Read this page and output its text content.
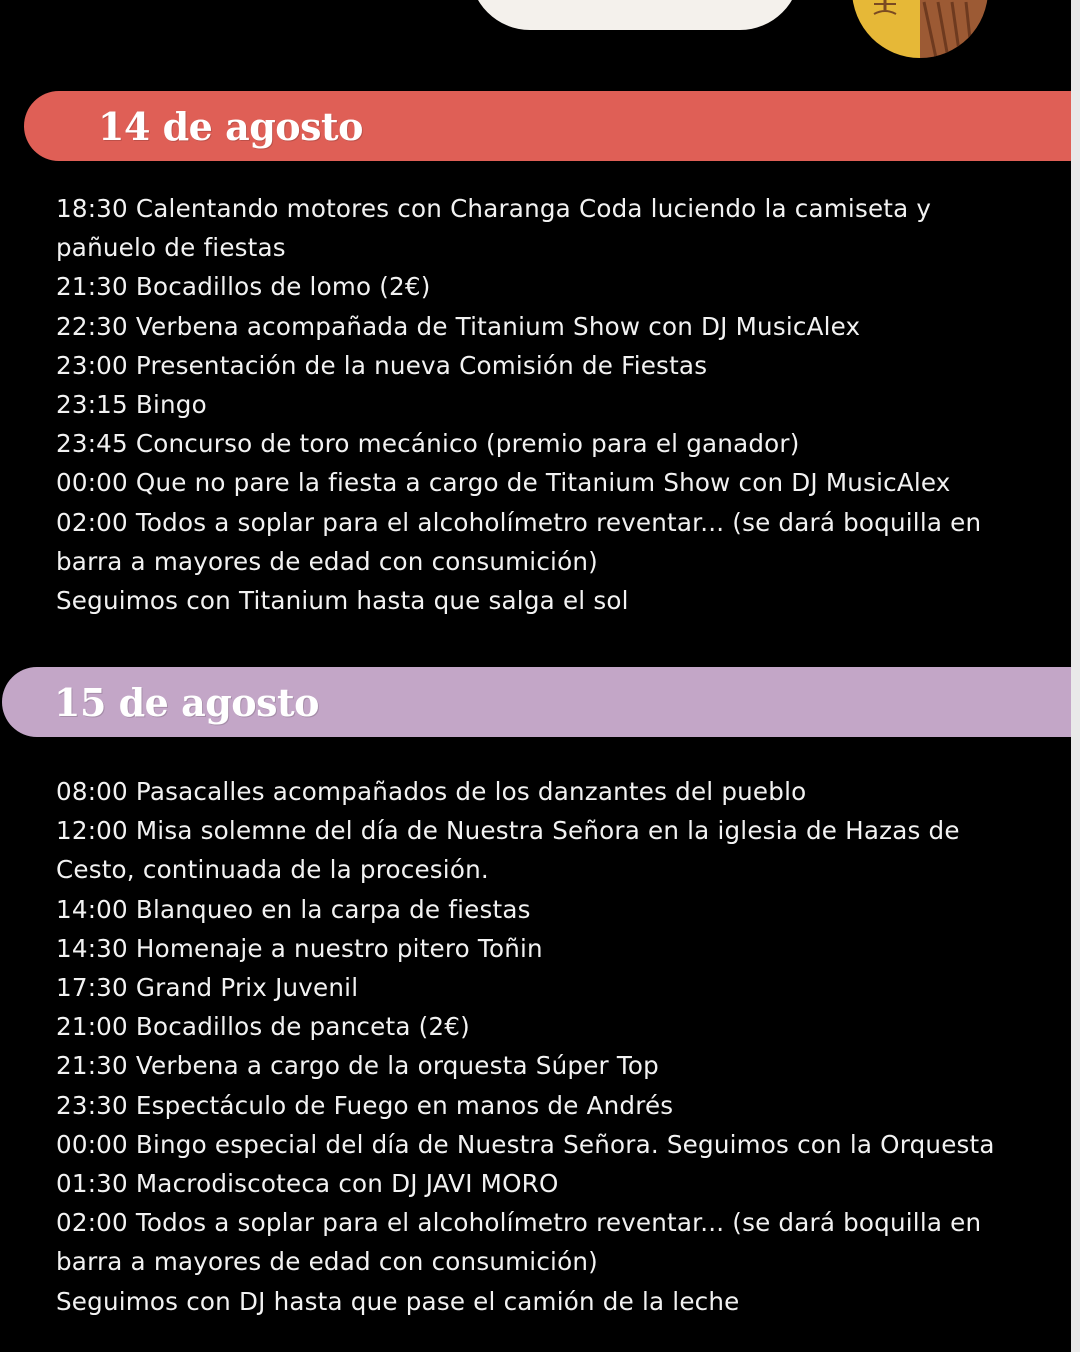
14 de agosto
18:30 Calentando motores con Charanga Coda luciendo la camiseta y
pañuelo de fiestas
21:30 Bocadillos de lomo (2€)
22:30 Verbena acompañada de Titanium Show con DJ MusicAlex
23:00 Presentación de la nueva Comisión de Fiestas
23:15 Bingo
23:45 Concurso de toro mecánico (premio para el ganador)
00:00 Que no pare la fiesta a cargo de Titanium Show con DJ MusicAlex
02:00 Todos a soplar para el alcoholímetro reventar... (se dará boquilla en
barra a mayores de edad con consumición)
Seguimos con Titanium hasta que salga el sol
15 de agosto
08:00 Pasacalles acompañados de los danzantes del pueblo
12:00 Misa solemne del día de Nuestra Señora en la iglesia de Hazas de
Cesto, continuada de la procesión.
14:00 Blanqueo en la carpa de fiestas
14:30 Homenaje a nuestro pitero Toñin
17:30 Grand Prix Juvenil
21:00 Bocadillos de panceta (2€)
21:30 Verbena a cargo de la orquesta Súper Top
23:30 Espectáculo de Fuego en manos de Andrés
00:00 Bingo especial del día de Nuestra Señora. Seguimos con la Orquesta
01:30 Macrodiscoteca con DJ JAVI MORO
02:00 Todos a soplar para el alcoholímetro reventar... (se dará boquilla en
barra a mayores de edad con consumición)
Seguimos con DJ hasta que pase el camión de la leche
